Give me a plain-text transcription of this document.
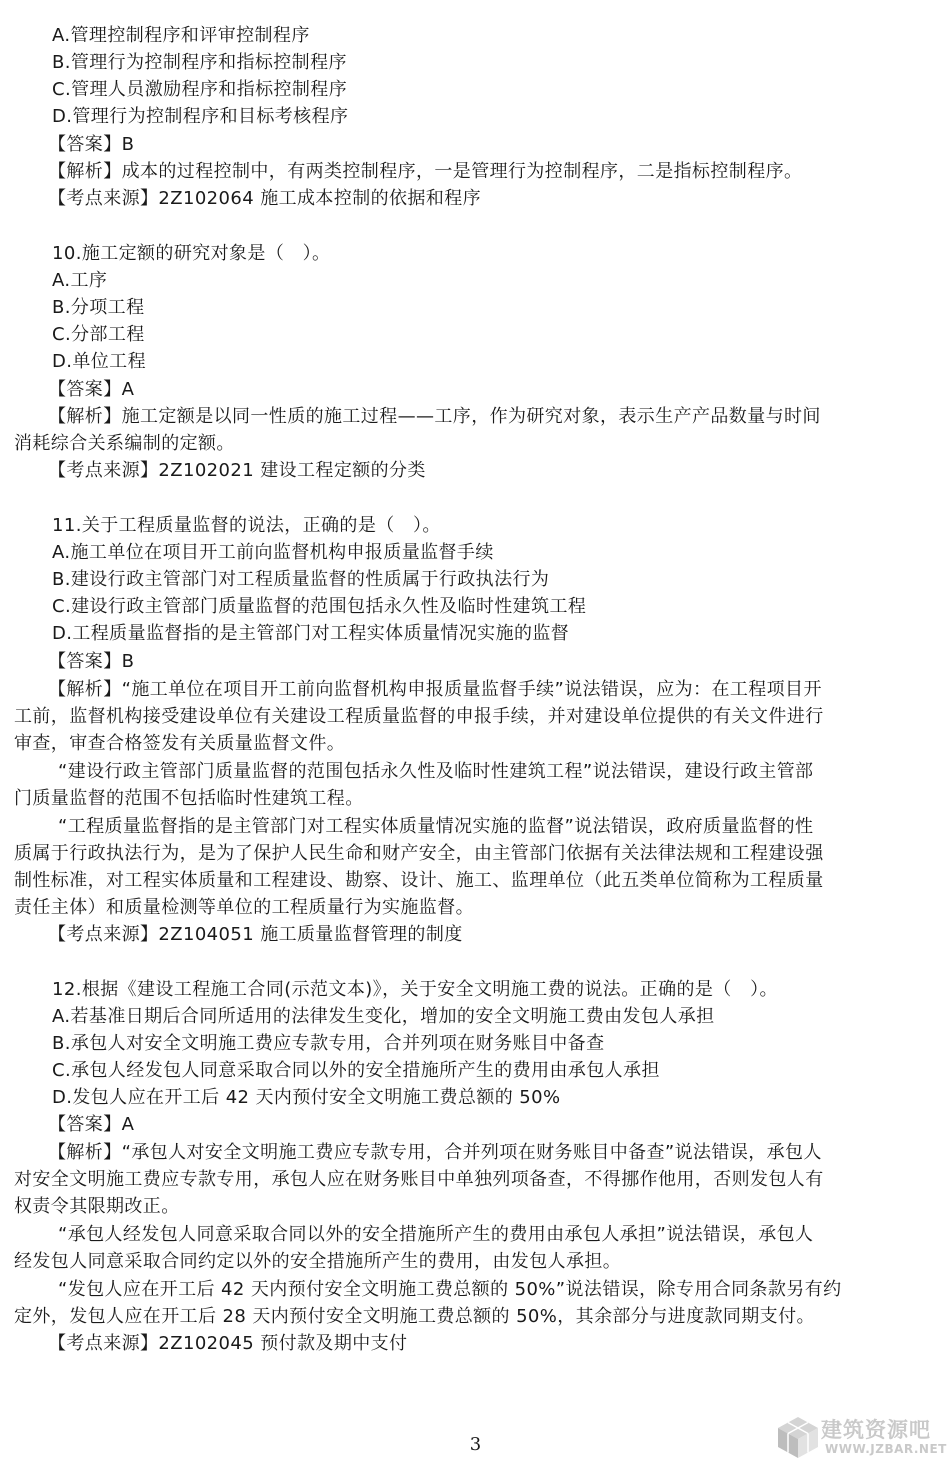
A.管理控制程序和评审控制程序
B.管理行为控制程序和指标控制程序
C.管理人员激励程序和指标控制程序
D.管理行为控制程序和目标考核程序
【答案】B
【解析】成本的过程控制中，有两类控制程序，一是管理行为控制程序，二是指标控制程序。
【考点来源】2Z102064 施工成本控制的依据和程序
10.施工定额的研究对象是（　）。
A.工序
B.分项工程
C.分部工程
D.单位工程
【答案】A
【解析】施工定额是以同一性质的施工过程——工序，作为研究对象，表示生产产品数量与时间
消耗综合关系编制的定额。
【考点来源】2Z102021 建设工程定额的分类
11.关于工程质量监督的说法，正确的是（　）。
A.施工单位在项目开工前向监督机构申报质量监督手续
B.建设行政主管部门对工程质量监督的性质属于行政执法行为
C.建设行政主管部门质量监督的范围包括永久性及临时性建筑工程
D.工程质量监督指的是主管部门对工程实体质量情况实施的监督
【答案】B
【解析】“施工单位在项目开工前向监督机构申报质量监督手续”说法错误，应为：在工程项目开
工前，监督机构接受建设单位有关建设工程质量监督的申报手续，并对建设单位提供的有关文件进行
审查，审查合格签发有关质量监督文件。
“建设行政主管部门质量监督的范围包括永久性及临时性建筑工程”说法错误，建设行政主管部
门质量监督的范围不包括临时性建筑工程。
“工程质量监督指的是主管部门对工程实体质量情况实施的监督”说法错误，政府质量监督的性
质属于行政执法行为，是为了保护人民生命和财产安全，由主管部门依据有关法律法规和工程建设强
制性标准，对工程实体质量和工程建设、勘察、设计、施工、监理单位（此五类单位简称为工程质量
责任主体）和质量检测等单位的工程质量行为实施监督。
【考点来源】2Z104051 施工质量监督管理的制度
12.根据《建设工程施工合同(示范文本)》，关于安全文明施工费的说法。正确的是（　）。
A.若基准日期后合同所适用的法律发生变化，增加的安全文明施工费由发包人承担
B.承包人对安全文明施工费应专款专用，合并列项在财务账目中备查
C.承包人经发包人同意采取合同以外的安全措施所产生的费用由承包人承担
D.发包人应在开工后 42 天内预付安全文明施工费总额的 50%
【答案】A
【解析】“承包人对安全文明施工费应专款专用，合并列项在财务账目中备查”说法错误，承包人
对安全文明施工费应专款专用，承包人应在财务账目中单独列项备查，不得挪作他用，否则发包人有
权责令其限期改正。
“承包人经发包人同意采取合同以外的安全措施所产生的费用由承包人承担”说法错误，承包人
经发包人同意采取合同约定以外的安全措施所产生的费用，由发包人承担。
“发包人应在开工后 42 天内预付安全文明施工费总额的 50%”说法错误，除专用合同条款另有约
定外，发包人应在开工后 28 天内预付安全文明施工费总额的 50%，其余部分与进度款同期支付。
【考点来源】2Z102045 预付款及期中支付
3
建筑资源吧
WWW.JZBAR.NET
